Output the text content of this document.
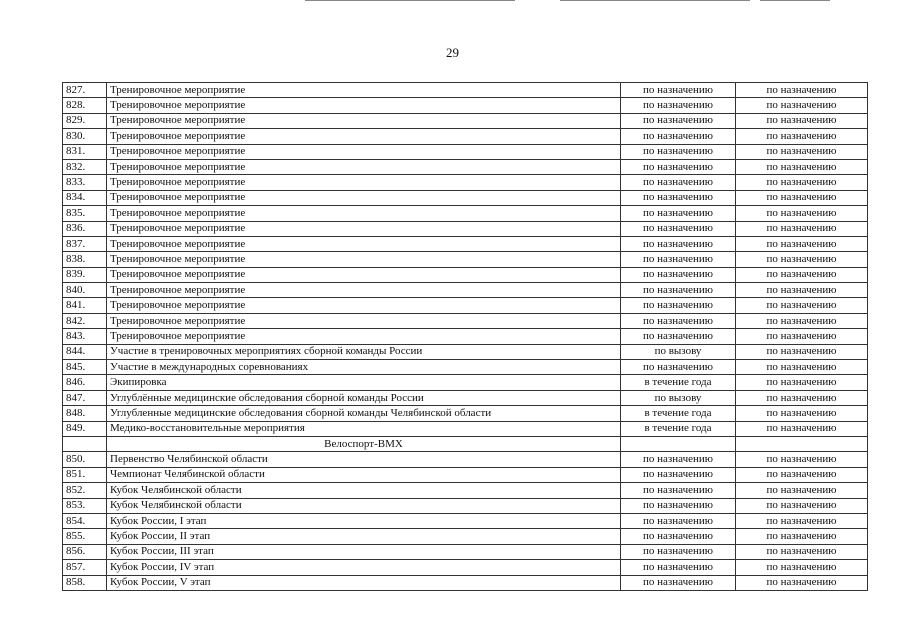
29
827.	Тренировочное мероприятие	по назначению	по назначению
828.	Тренировочное мероприятие	по назначению	по назначению
829.	Тренировочное мероприятие	по назначению	по назначению
830.	Тренировочное мероприятие	по назначению	по назначению
831.	Тренировочное мероприятие	по назначению	по назначению
832.	Тренировочное мероприятие	по назначению	по назначению
833.	Тренировочное мероприятие	по назначению	по назначению
834.	Тренировочное мероприятие	по назначению	по назначению
835.	Тренировочное мероприятие	по назначению	по назначению
836.	Тренировочное мероприятие	по назначению	по назначению
837.	Тренировочное мероприятие	по назначению	по назначению
838.	Тренировочное мероприятие	по назначению	по назначению
839.	Тренировочное мероприятие	по назначению	по назначению
840.	Тренировочное мероприятие	по назначению	по назначению
841.	Тренировочное мероприятие	по назначению	по назначению
842.	Тренировочное мероприятие	по назначению	по назначению
843.	Тренировочное мероприятие	по назначению	по назначению
844.	Участие в тренировочных мероприятиях сборной команды России	по вызову	по назначению
845.	Участие в международных соревнованиях	по назначению	по назначению
846.	Экипировка	в течение года	по назначению
847.	Углублённые медицинские обследования сборной команды России	по вызову	по назначению
848.	Углубленные медицинские обследования сборной команды Челябинской области	в течение года	по назначению
849.	Медико-восстановительные мероприятия	в течение года	по назначению
	Велоспорт-ВМХ		
850.	Первенство Челябинской области	по назначению	по назначению
851.	Чемпионат Челябинской области	по назначению	по назначению
852.	Кубок Челябинской области	по назначению	по назначению
853.	Кубок Челябинской области	по назначению	по назначению
854.	Кубок России, I этап	по назначению	по назначению
855.	Кубок России, II этап	по назначению	по назначению
856.	Кубок России, III этап	по назначению	по назначению
857.	Кубок России, IV этап	по назначению	по назначению
858.	Кубок России, V этап	по назначению	по назначению
